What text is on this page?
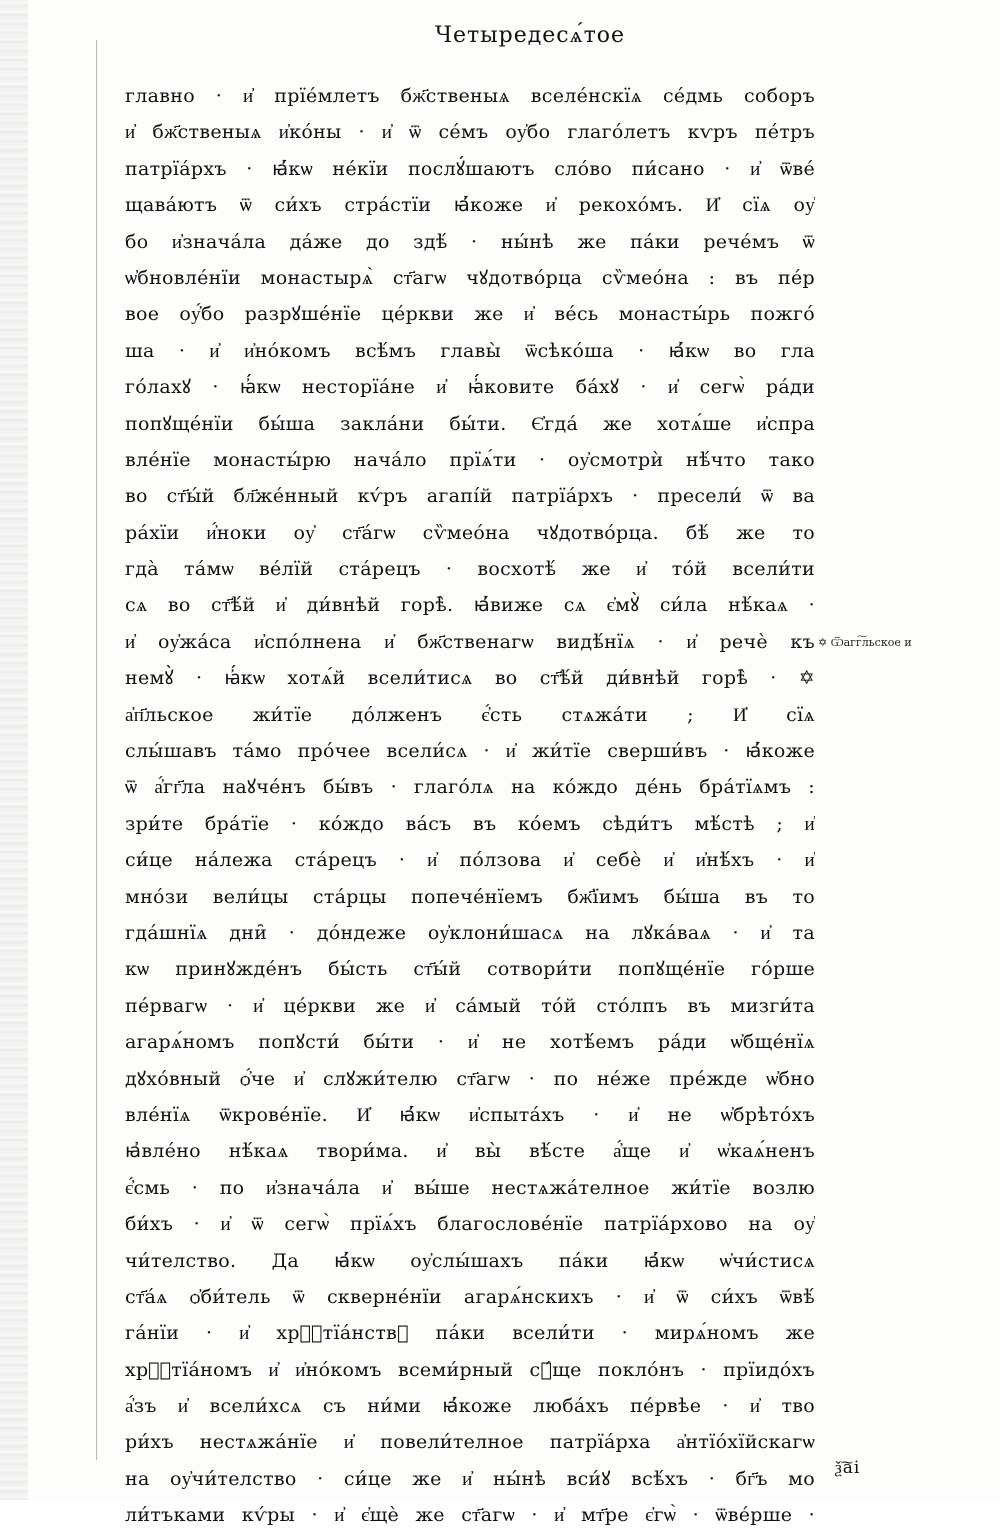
Четыредесѧ́тое
главно · и҆ прїе́млетъ бж҃ственыѧ вселе́нскїѧ се́дмь соборъ
и҆ бж҃ственыѧ и҆ко́ны · и҆ ѿ се́мъ оу҆бо глаго́летъ кѵръ пе́тръ
патрїа́рхъ · ꙗ҆́кѡ не́кїи послꙋ́шаютъ сло́во пи́сано · и҆ ѿве́
щава́ютъ ѿ си́хъ стра́стїи ꙗ҆́коже и҆ рекохо́мъ. И҆ сїѧ оу҆
бо и҆знача́ла да́же до здѣ́ · ны́нѣ же па́ки рече́мъ ѿ
ѡ҆бновле́нїи монастырѧ̀ ст҃агѡ чꙋдотво́рца сѷмео́на : въ пе́р
вое оу҆́бо разрꙋше́нїе це́ркви же и҆ ве́сь монасты́рь пожго́
ша · и҆ и҆но́комъ всѣ́мъ главы̀ ѿсѣко́ша · ꙗ҆́кѡ во гла
го́лахꙋ · ꙗ҆́кѡ несторїа́не и҆ ꙗ҆́ковите ба́хꙋ · и҆ сегѡ̀ ра́ди
попꙋще́нїи бы́ша закла́ни бы́ти. Є҆гда́ же хотѧ́ше и҆спра
вле́нїе монасты́рю нача́ло прїѧ́ти · оу҆смотрѝ нѣ́что тако
во ст҃ы́й бл҃же́нный кѵ́ръ агапі́й патрїа́рхъ · пресели́ ѿ ва
ра́хїи и҆́ноки оу҆ ст҃а́гѡ сѷмео́на чꙋдотво́рца. бѣ́ же то
гда̀ та́мѡ ве́лїй ста́рецъ · восхотѣ́ же и҆ то́й всели́ти
сѧ во ст҃ѣ́й и҆ ди́внѣй горѣ̀. ꙗ҆́виже сѧ є҆мꙋ̀ си́ла нѣ́каѧ ·
и҆ оу҆жа́са и҆спо́лнена и҆ бж҃ственагѡ видѣ́нїѧ · и҆ речѐ къ
немꙋ̀ · ꙗ҆́кѡ хотѧ́й всели́тисѧ во ст҃ѣ́й ди́внѣй горѣ̀ · ✡
а҆п҃льское жи́тїе до́лженъ є҆́сть стѧжа́ти ; И҆ сїѧ
слы́шавъ та́мо про́чее всели́сѧ · и҆ жи́тїе сверши́въ · ꙗ҆́коже
ѿ а҆́гг҃ла наꙋче́нъ бы́въ · глаго́лѧ на ко́ждо де́нь бра́тїѧмъ :
зри́те бра́тїе · ко́ждо ва́съ въ ко́емъ сѣди́тъ мѣ́стѣ ; и҆
си́це на́лежа ста́рецъ · и҆ по́лзова и҆ себѐ и҆ и҆нѣ́хъ · и҆
мно́зи вели́цы ста́рцы попече́нїемъ бж҃їимъ бы́ша въ то
гда́шнїѧ дни̑ · до́ндеже оу҆клони́шасѧ на лꙋка́ваѧ · и҆ та
кѡ принꙋжде́нъ бы́сть ст҃ы́й сотвори́ти попꙋще́нїе го́рше
пе́рвагѡ · и҆ це́ркви же и҆ са́мый то́й сто́лпъ въ мизги́та
агарѧ́номъ попꙋсти́ бы́ти · и҆ не хотѣ́емъ ра́ди ѡ҆бще́нїѧ
дꙋхо́вный ѻ҆́че и҆ слꙋжи́телю ст҃агѡ · по не́же пре́жде ѡ҆бно
вле́нїѧ ѿкрове́нїе. И҆ ꙗ҆́кѡ и҆спыта́хъ · и҆ не ѡ҆брѣто́хъ
ꙗ҆вле́но нѣ́каѧ твори́ма. и҆ вы̀ вѣ́сте а҆́ще и҆ ѡ҆каѧ́ненъ
є҆́смь · по и҆знача́ла и҆ вы́ше нестѧжа́телное жи́тїе возлю
би́хъ · и҆ ѿ сегѡ̀ прїѧ́хъ благослове́нїе патрїа́рхово на оу҆
чи́телство. Да ꙗ҆́кѡ оу҆слы́шахъ па́ки ꙗ҆́кѡ ѡ҆чи́стисѧ
ст҃а́ѧ ѻ҆би́тель ѿ скверне́нїи агарѧ́нскихъ · и҆ ѿ си́хъ ѿвѣ́
га́нїи · и҆ хрⷭ҇тїа́нствꙋ па́ки всели́ти · мирѧ́номъ же
хрⷭ҇тїа́номъ и҆ и҆но́комъ всеми́рный сꙋ́ще покло́нъ · прїидо́хъ
а҆́зъ и҆ всели́хсѧ съ ни́ми ꙗ҆́коже люба́хъ пе́рвѣе · и҆ тво
ри́хъ нестѧжа́нїе и҆ повели́телное патрїа́рха а҆нтїо́хїйскагѡ
на оу҆чи́телство · си́це же и҆ ны́нѣ вси́ꙋ всѣ́хъ · бг҃ъ мо
ли́тъками кѵ́ры · и҆ є҆щѐ же ст҃агѡ · и҆ мт҃ре є҆гѡ̀ · ѿве́рше ·
✡ Ѿагг͠льское и
ѯ͠аі
